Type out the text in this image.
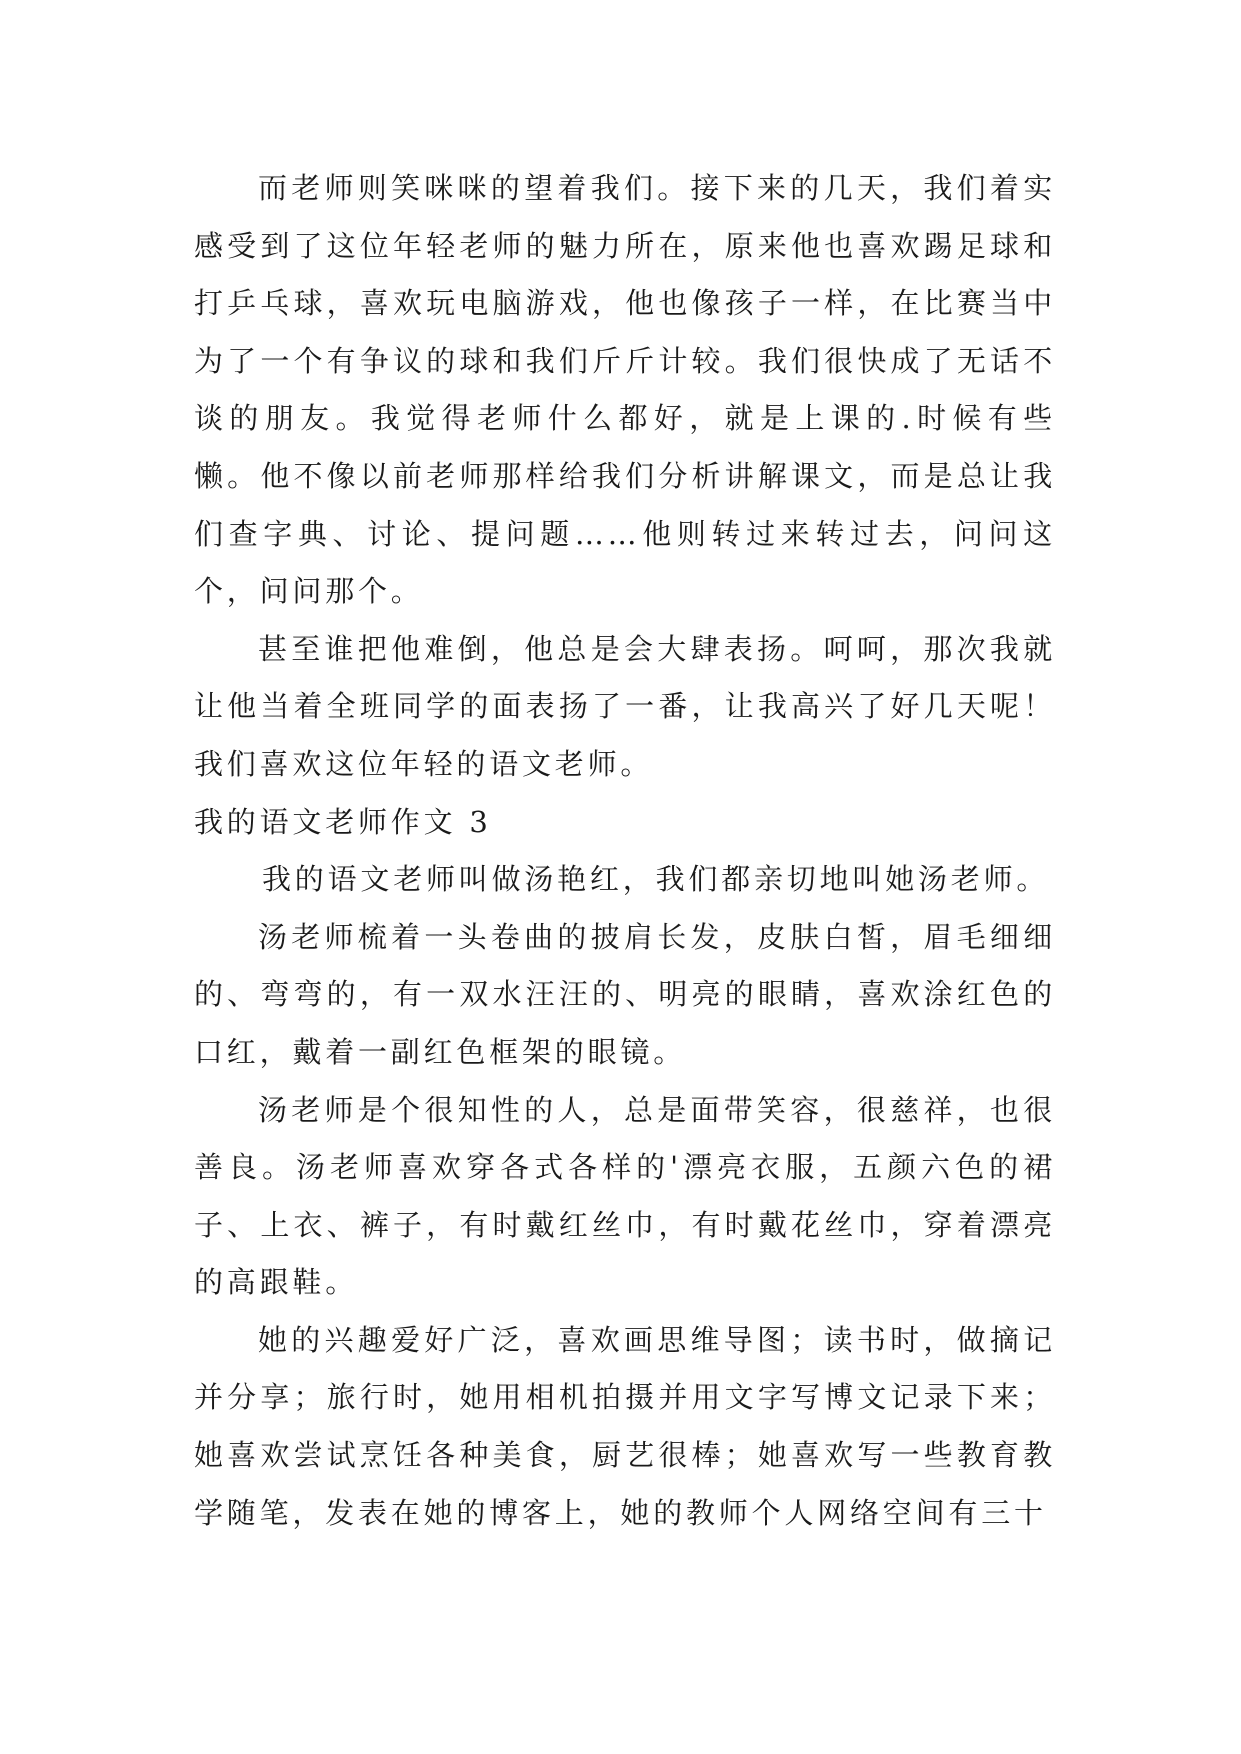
而老师则笑咪咪的望着我们。接下来的几天，我们着实感受到了这位年轻老师的魅力所在，原来他也喜欢踢足球和打乒乓球，喜欢玩电脑游戏，他也像孩子一样，在比赛当中为了一个有争议的球和我们斤斤计较。我们很快成了无话不谈的朋友。我觉得老师什么都好，就是上课的.时候有些懒。他不像以前老师那样给我们分析讲解课文，而是总让我们查字典、讨论、提问题……他则转过来转过去，问问这个，问问那个。

甚至谁把他难倒，他总是会大肆表扬。呵呵，那次我就让他当着全班同学的面表扬了一番，让我高兴了好几天呢！我们喜欢这位年轻的语文老师。

我的语文老师作文 3

我的语文老师叫做汤艳红，我们都亲切地叫她汤老师。

汤老师梳着一头卷曲的披肩长发，皮肤白皙，眉毛细细的、弯弯的，有一双水汪汪的、明亮的眼睛，喜欢涂红色的口红，戴着一副红色框架的眼镜。

汤老师是个很知性的人，总是面带笑容，很慈祥，也很善良。汤老师喜欢穿各式各样的'漂亮衣服，五颜六色的裙子、上衣、裤子，有时戴红丝巾，有时戴花丝巾，穿着漂亮的高跟鞋。

她的兴趣爱好广泛，喜欢画思维导图；读书时，做摘记并分享；旅行时，她用相机拍摄并用文字写博文记录下来；她喜欢尝试烹饪各种美食，厨艺很棒；她喜欢写一些教育教学随笔，发表在她的博客上，她的教师个人网络空间有三十
